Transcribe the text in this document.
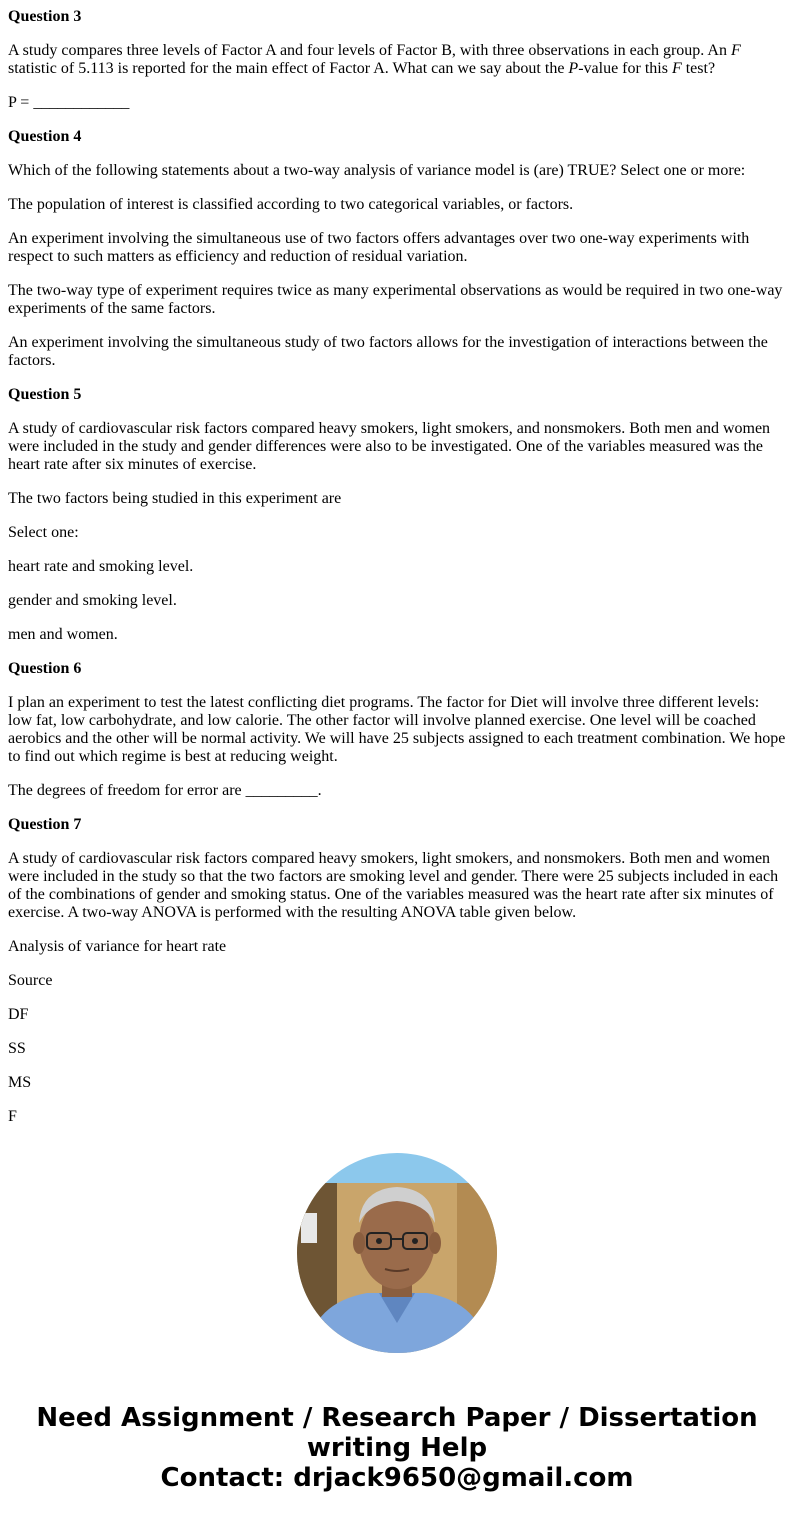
Question 3

A study compares three levels of Factor A and four levels of Factor B, with three observations in each group. An F statistic of 5.113 is reported for the main effect of Factor A. What can we say about the P-value for this F test?

P = ____________

Question 4

Which of the following statements about a two-way analysis of variance model is (are) TRUE? Select one or more:

The population of interest is classified according to two categorical variables, or factors.

An experiment involving the simultaneous use of two factors offers advantages over two one-way experiments with respect to such matters as efficiency and reduction of residual variation.

The two-way type of experiment requires twice as many experimental observations as would be required in two one-way experiments of the same factors.

An experiment involving the simultaneous study of two factors allows for the investigation of interactions between the factors.

Question 5

A study of cardiovascular risk factors compared heavy smokers, light smokers, and nonsmokers. Both men and women were included in the study and gender differences were also to be investigated. One of the variables measured was the heart rate after six minutes of exercise.

The two factors being studied in this experiment are

Select one:

heart rate and smoking level.

gender and smoking level.

men and women.

Question 6

I plan an experiment to test the latest conflicting diet programs. The factor for Diet will involve three different levels: low fat, low carbohydrate, and low calorie. The other factor will involve planned exercise. One level will be coached aerobics and the other will be normal activity. We will have 25 subjects assigned to each treatment combination. We hope to find out which regime is best at reducing weight.

The degrees of freedom for error are _________.

Question 7

A study of cardiovascular risk factors compared heavy smokers, light smokers, and nonsmokers. Both men and women were included in the study so that the two factors are smoking level and gender. There were 25 subjects included in each of the combinations of gender and smoking status. One of the variables measured was the heart rate after six minutes of exercise. A two-way ANOVA is performed with the resulting ANOVA table given below.

Analysis of variance for heart rate

Source

DF

SS

MS

F

Need Assignment / Research Paper / Dissertation
writing Help
Contact: drjack9650@gmail.com
